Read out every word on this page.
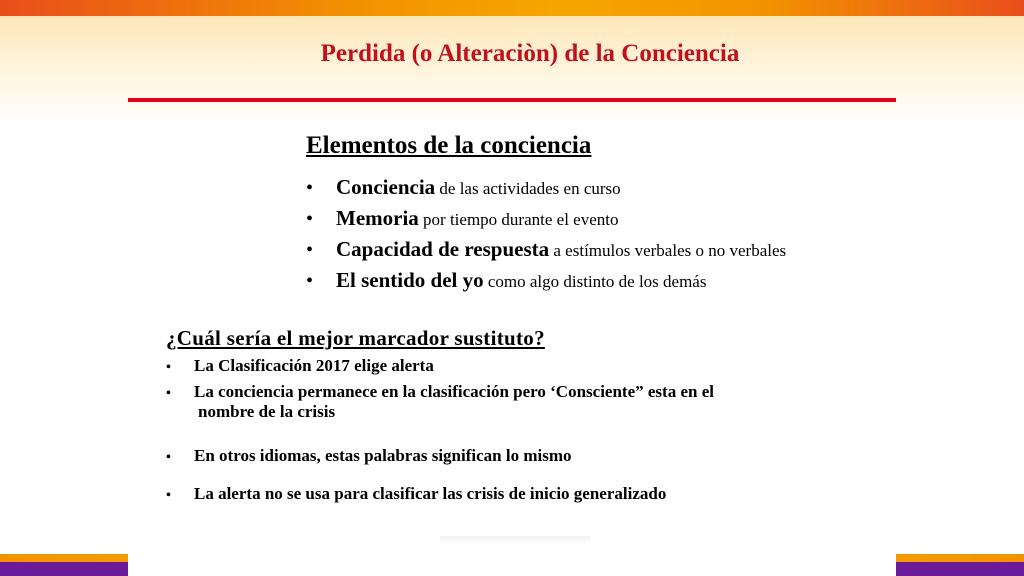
Perdida (o Alteraciòn) de la Conciencia
Elementos de la conciencia
• Conciencia de las actividades en curso
• Memoria por tiempo durante el evento
• Capacidad de respuesta a estímulos verbales o no verbales
• El sentido del yo como algo distinto de los demás
¿Cuál sería el mejor marcador sustituto?
• La Clasificación 2017 elige alerta
• La conciencia permanece en la clasificación pero ‘Consciente” esta en el
nombre de la crisis
• En otros idiomas, estas palabras significan lo mismo
• La alerta no se usa para clasificar las crisis de inicio generalizado
